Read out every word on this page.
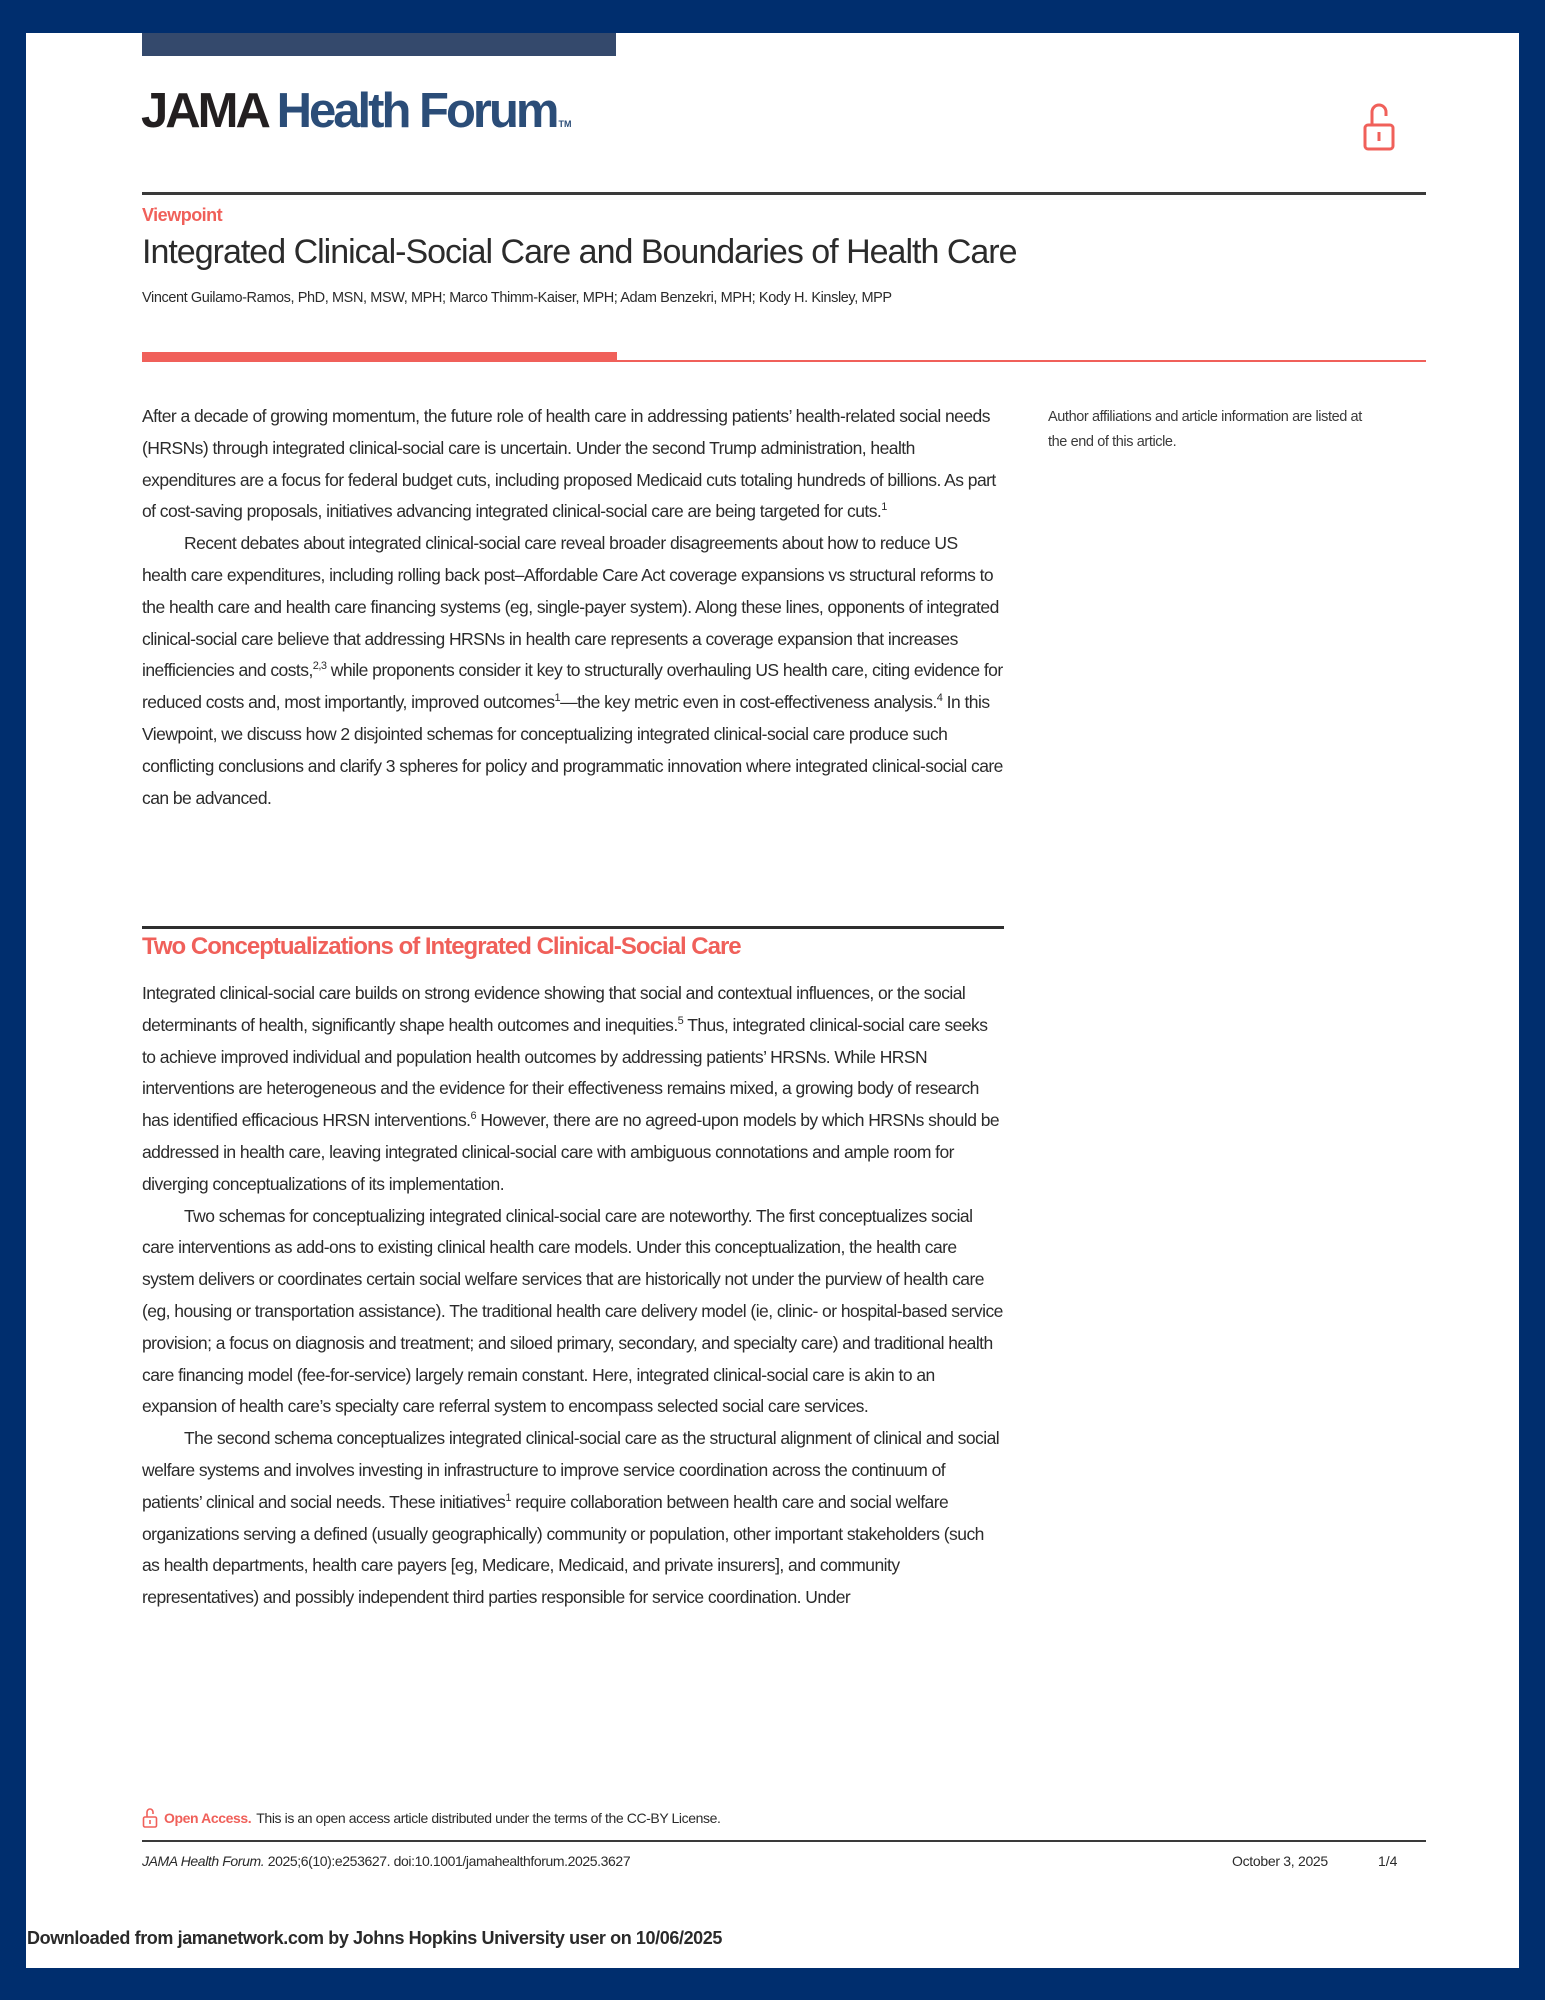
JAMA Health Forum TM
Viewpoint
Integrated Clinical-Social Care and Boundaries of Health Care
Vincent Guilamo-Ramos, PhD, MSN, MSW, MPH; Marco Thimm-Kaiser, MPH; Adam Benzekri, MPH; Kody H. Kinsley, MPP

After a decade of growing momentum, the future role of health care in addressing patients’ health-related social needs (HRSNs) through integrated clinical-social care is uncertain. Under the second Trump administration, health expenditures are a focus for federal budget cuts, including proposed Medicaid cuts totaling hundreds of billions. As part of cost-saving proposals, initiatives advancing integrated clinical-social care are being targeted for cuts.$^1$

Recent debates about integrated clinical-social care reveal broader disagreements about how to reduce US health care expenditures, including rolling back post–Affordable Care Act coverage expansions vs structural reforms to the health care and health care financing systems (eg, single-payer system). Along these lines, opponents of integrated clinical-social care believe that addressing HRSNs in health care represents a coverage expansion that increases inefficiencies and costs,$^{2,3}$ while proponents consider it key to structurally overhauling US health care, citing evidence for reduced costs and, most importantly, improved outcomes$^1$—the key metric even in cost-effectiveness analysis.$^4$ In this Viewpoint, we discuss how 2 disjointed schemas for conceptualizing integrated clinical-social care produce such conflicting conclusions and clarify 3 spheres for policy and programmatic innovation where integrated clinical-social care can be advanced.

Author affiliations and article information are listed at the end of this article.
Two Conceptualizations of Integrated Clinical-Social Care

Integrated clinical-social care builds on strong evidence showing that social and contextual influences, or the social determinants of health, significantly shape health outcomes and inequities.$^5$ Thus, integrated clinical-social care seeks to achieve improved individual and population health outcomes by addressing patients’ HRSNs. While HRSN interventions are heterogeneous and the evidence for their effectiveness remains mixed, a growing body of research has identified efficacious HRSN interventions.$^6$ However, there are no agreed-upon models by which HRSNs should be addressed in health care, leaving integrated clinical-social care with ambiguous connotations and ample room for diverging conceptualizations of its implementation.

Two schemas for conceptualizing integrated clinical-social care are noteworthy. The first conceptualizes social care interventions as add-ons to existing clinical health care models. Under this conceptualization, the health care system delivers or coordinates certain social welfare services that are historically not under the purview of health care (eg, housing or transportation assistance). The traditional health care delivery model (ie, clinic- or hospital-based service provision; a focus on diagnosis and treatment; and siloed primary, secondary, and specialty care) and traditional health care financing model (fee-for-service) largely remain constant. Here, integrated clinical-social care is akin to an expansion of health care’s specialty care referral system to encompass selected social care services.

The second schema conceptualizes integrated clinical-social care as the structural alignment of clinical and social welfare systems and involves investing in infrastructure to improve service coordination across the continuum of patients’ clinical and social needs. These initiatives$^1$ require collaboration between health care and social welfare organizations serving a defined (usually geographically) community or population, other important stakeholders (such as health departments, health care payers [eg, Medicare, Medicaid, and private insurers], and community representatives) and possibly independent third parties responsible for service coordination. Under

Open Access. This is an open access article distributed under the terms of the CC-BY License.
JAMA Health Forum. 2025;6(10):e253627. doi:10.1001/jamahealthforum.2025.3627	October 3, 2025	1/4
Downloaded from jamanetwork.com by Johns Hopkins University user on 10/06/2025
